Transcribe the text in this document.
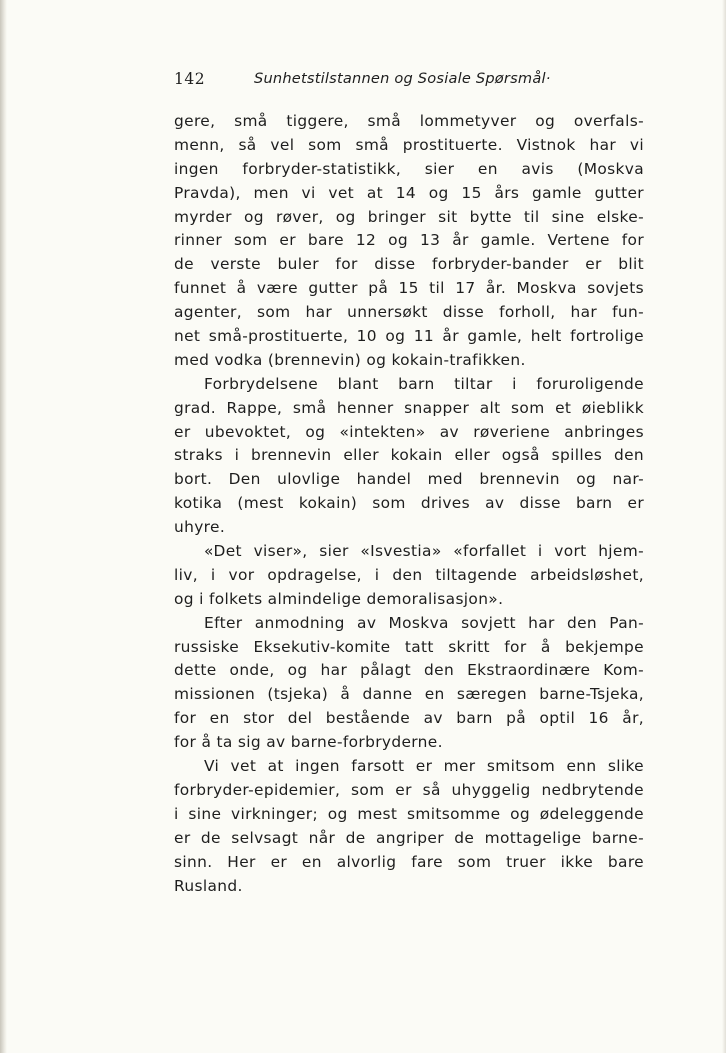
142	Sunhetstilstannen og Sosiale Spørsmål·
gere, små tiggere, små lommetyver og overfals-
menn, så vel som små prostituerte. Vistnok har vi
ingen forbryder-statistikk, sier en avis (Moskva
Pravda), men vi vet at 14 og 15 års gamle gutter
myrder og røver, og bringer sit bytte til sine elske-
rinner som er bare 12 og 13 år gamle. Vertene for
de verste buler for disse forbryder-bander er blit
funnet å være gutter på 15 til 17 år. Moskva sovjets
agenter, som har unnersøkt disse forholl, har fun-
net små-prostituerte, 10 og 11 år gamle, helt fortrolige
med vodka (brennevin) og kokain-trafikken.
Forbrydelsene blant barn tiltar i foruroligende
grad. Rappe, små henner snapper alt som et øieblikk
er ubevoktet, og «intekten» av røveriene anbringes
straks i brennevin eller kokain eller også spilles den
bort. Den ulovlige handel med brennevin og nar-
kotika (mest kokain) som drives av disse barn er
uhyre.
«Det viser», sier «Isvestia» «forfallet i vort hjem-
liv, i vor opdragelse, i den tiltagende arbeidsløshet,
og i folkets almindelige demoralisasjon».
Efter anmodning av Moskva sovjett har den Pan-
russiske Eksekutiv-komite tatt skritt for å bekjempe
dette onde, og har pålagt den Ekstraordinære Kom-
missionen (tsjeka) å danne en særegen barne-Tsjeka,
for en stor del bestående av barn på optil 16 år,
for å ta sig av barne-forbryderne.
Vi vet at ingen farsott er mer smitsom enn slike
forbryder-epidemier, som er så uhyggelig nedbrytende
i sine virkninger; og mest smitsomme og ødeleggende
er de selvsagt når de angriper de mottagelige barne-
sinn. Her er en alvorlig fare som truer ikke bare
Rusland.
